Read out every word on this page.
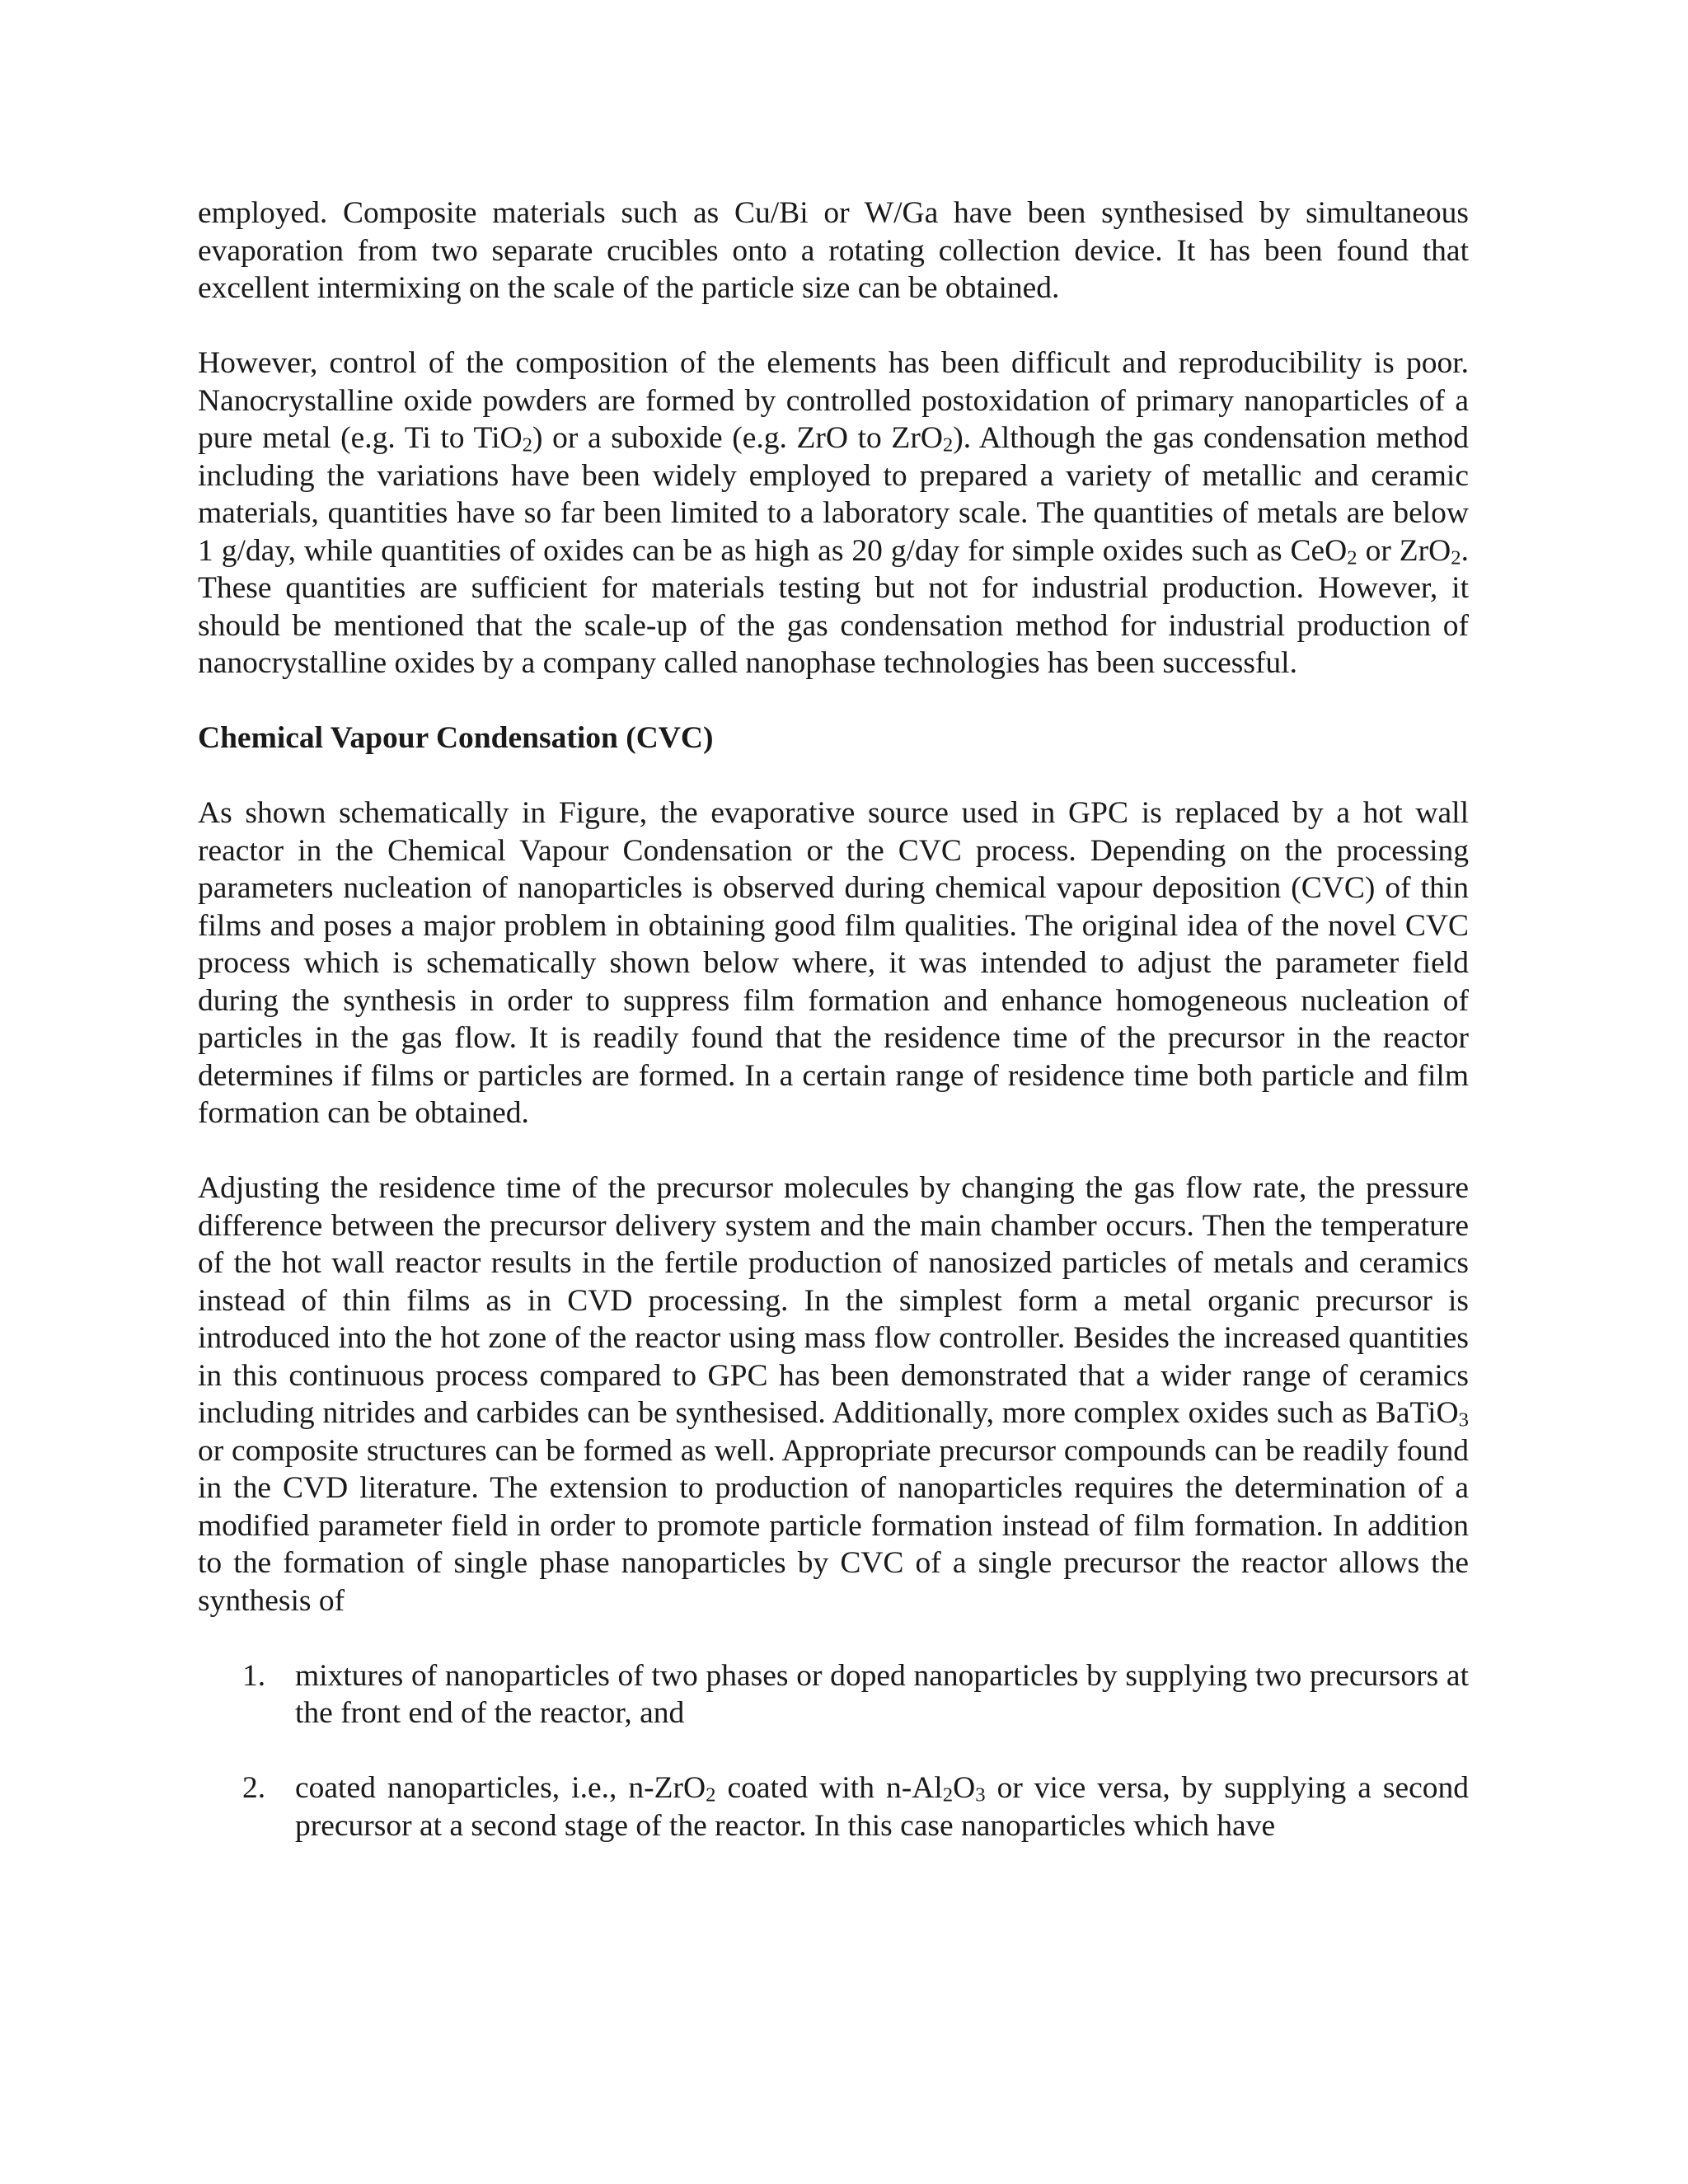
employed. Composite materials such as Cu/Bi or W/Ga have been synthesised by simultaneous evaporation from two separate crucibles onto a rotating collection device. It has been found that excellent intermixing on the scale of the particle size can be obtained.

However, control of the composition of the elements has been difficult and reproducibility is poor. Nanocrystalline oxide powders are formed by controlled postoxidation of primary nanoparticles of a pure metal (e.g. Ti to TiO$_2$) or a suboxide (e.g. ZrO to ZrO$_2$). Although the gas condensation method including the variations have been widely employed to prepared a variety of metallic and ceramic materials, quantities have so far been limited to a laboratory scale. The quantities of metals are below 1 g/day, while quantities of oxides can be as high as 20 g/day for simple oxides such as CeO$_2$ or ZrO$_2$. These quantities are sufficient for materials testing but not for industrial production. However, it should be mentioned that the scale-up of the gas condensation method for industrial production of nanocrystalline oxides by a company called nanophase technologies has been successful.

Chemical Vapour Condensation (CVC)

As shown schematically in Figure, the evaporative source used in GPC is replaced by a hot wall reactor in the Chemical Vapour Condensation or the CVC process. Depending on the processing parameters nucleation of nanoparticles is observed during chemical vapour deposition (CVC) of thin films and poses a major problem in obtaining good film qualities. The original idea of the novel CVC process which is schematically shown below where, it was intended to adjust the parameter field during the synthesis in order to suppress film formation and enhance homogeneous nucleation of particles in the gas flow. It is readily found that the residence time of the precursor in the reactor determines if films or particles are formed. In a certain range of residence time both particle and film formation can be obtained.

Adjusting the residence time of the precursor molecules by changing the gas flow rate, the pressure difference between the precursor delivery system and the main chamber occurs. Then the temperature of the hot wall reactor results in the fertile production of nanosized particles of metals and ceramics instead of thin films as in CVD processing. In the simplest form a metal organic precursor is introduced into the hot zone of the reactor using mass flow controller. Besides the increased quantities in this continuous process compared to GPC has been demonstrated that a wider range of ceramics including nitrides and carbides can be synthesised. Additionally, more complex oxides such as BaTiO$_3$ or composite structures can be formed as well. Appropriate precursor compounds can be readily found in the CVD literature. The extension to production of nanoparticles requires the determination of a modified parameter field in order to promote particle formation instead of film formation. In addition to the formation of single phase nanoparticles by CVC of a single precursor the reactor allows the synthesis of

1. mixtures of nanoparticles of two phases or doped nanoparticles by supplying two precursors at the front end of the reactor, and
2. coated nanoparticles, i.e., n-ZrO$_2$ coated with $n-Al_2O_3$ or vice versa, by supplying a second precursor at a second stage of the reactor. In this case nanoparticles which have
